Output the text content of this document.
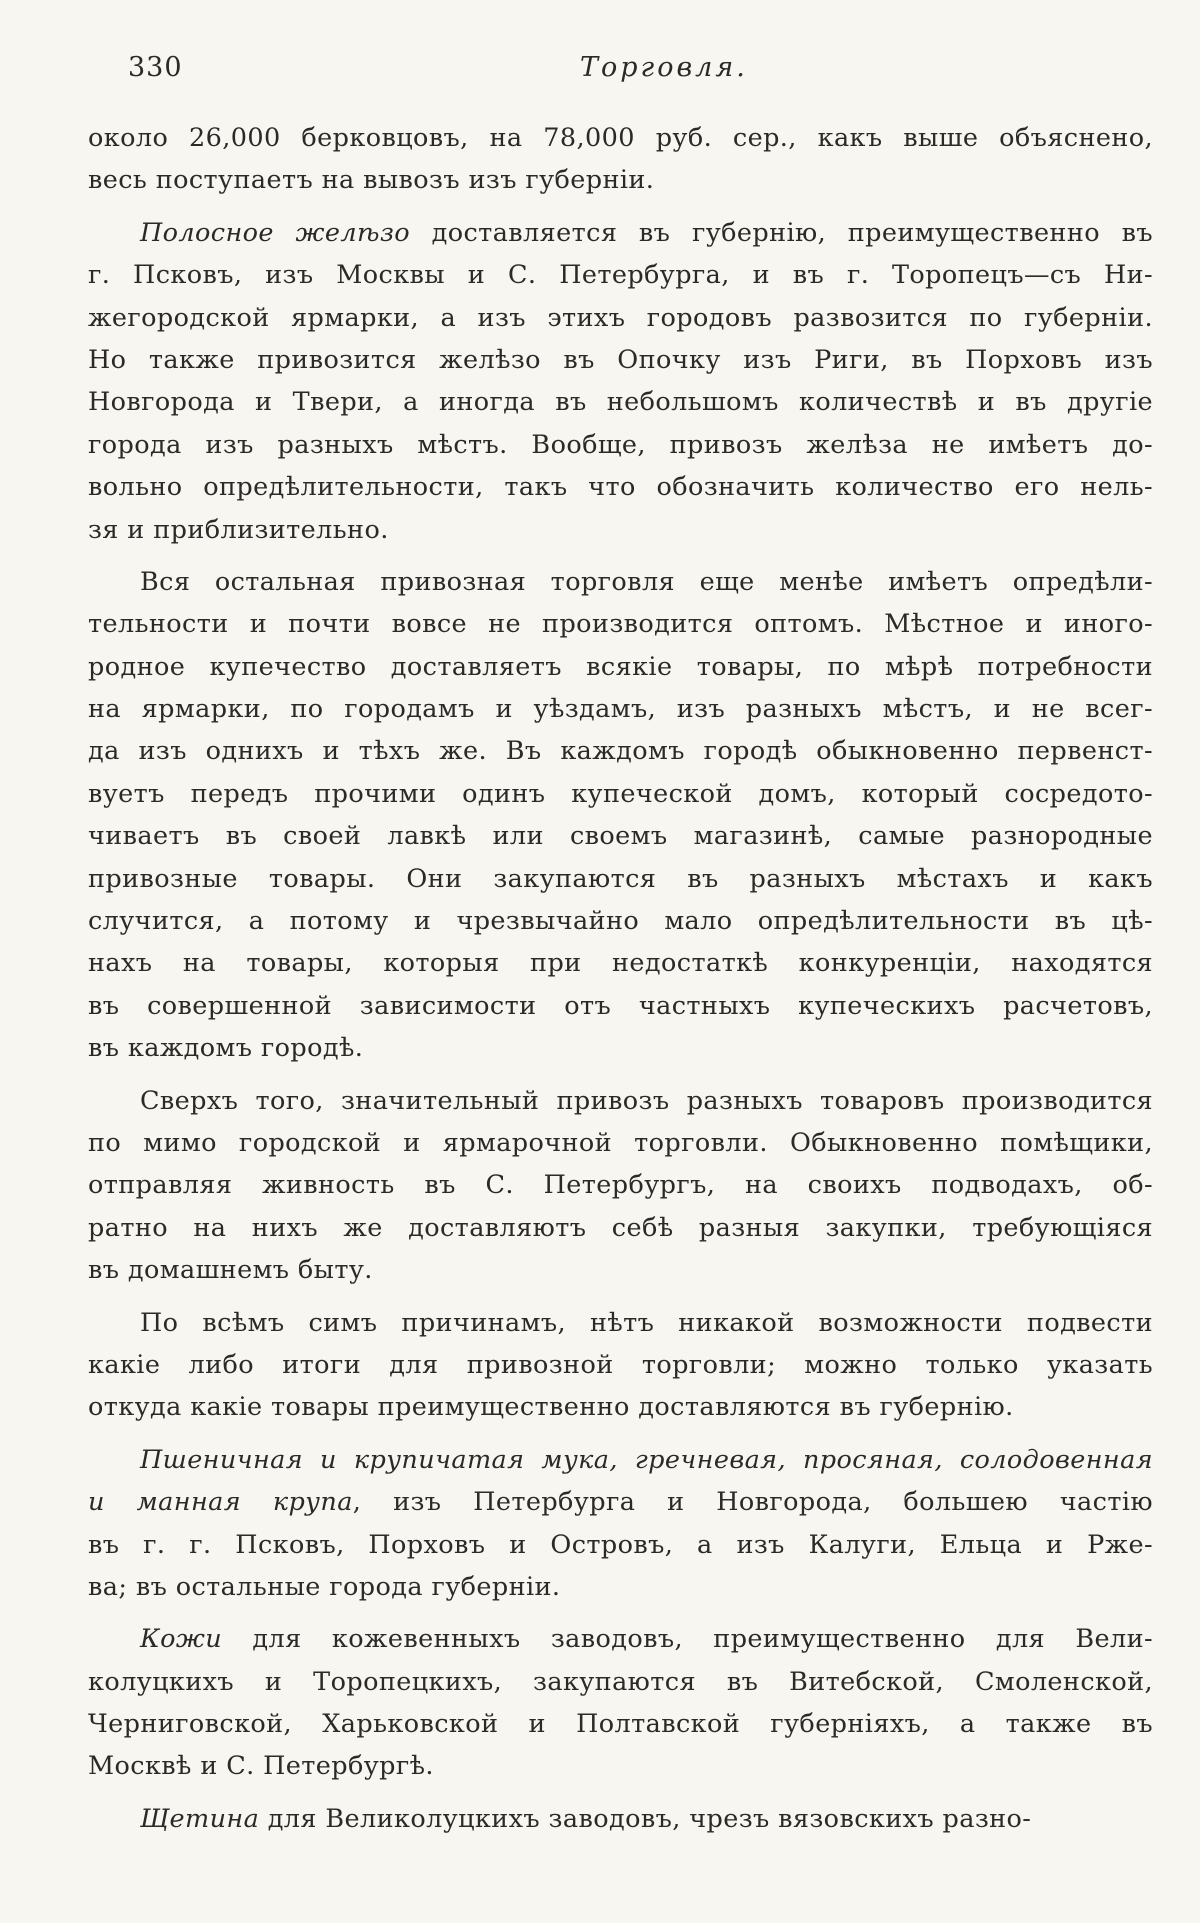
330	Торговля.
около 26,000 берковцовъ, на 78,000 руб. сер., какъ выше объяснено,
весь поступаетъ на вывозъ изъ губерніи.
Полосное желѣзо доставляется въ губернію, преимущественно въ
г. Псковъ, изъ Москвы и С. Петербурга, и въ г. Торопецъ—съ Ни-
жегородской ярмарки, а изъ этихъ городовъ развозится по губерніи.
Но также привозится желѣзо въ Опочку изъ Риги, въ Порховъ изъ
Новгорода и Твери, а иногда въ небольшомъ количествѣ и въ другіе
города изъ разныхъ мѣстъ. Вообще, привозъ желѣза не имѣетъ до-
вольно опредѣлительности, такъ что обозначить количество его нель-
зя и приблизительно.
Вся остальная привозная торговля еще менѣе имѣетъ опредѣли-
тельности и почти вовсе не производится оптомъ. Мѣстное и иного-
родное купечество доставляетъ всякіе товары, по мѣрѣ потребности
на ярмарки, по городамъ и уѣздамъ, изъ разныхъ мѣстъ, и не всег-
да изъ однихъ и тѣхъ же. Въ каждомъ городѣ обыкновенно первенст-
вуетъ передъ прочими одинъ купеческой домъ, который сосредото-
чиваетъ въ своей лавкѣ или своемъ магазинѣ, самые разнородные
привозные товары. Они закупаются въ разныхъ мѣстахъ и какъ
случится, а потому и чрезвычайно мало опредѣлительности въ цѣ-
нахъ на товары, которыя при недостаткѣ конкуренціи, находятся
въ совершенной зависимости отъ частныхъ купеческихъ расчетовъ,
въ каждомъ городѣ.
Сверхъ того, значительный привозъ разныхъ товаровъ производится
по мимо городской и ярмарочной торговли. Обыкновенно помѣщики,
отправляя живность въ С. Петербургъ, на своихъ подводахъ, об-
ратно на нихъ же доставляютъ себѣ разныя закупки, требующіяся
въ домашнемъ быту.
По всѣмъ симъ причинамъ, нѣтъ никакой возможности подвести
какіе либо итоги для привозной торговли; можно только указать
откуда какіе товары преимущественно доставляются въ губернію.
Пшеничная и крупичатая мука, гречневая, просяная, солодовенная
и манная крупа, изъ Петербурга и Новгорода, большею частію
въ г. г. Псковъ, Порховъ и Островъ, а изъ Калуги, Ельца и Ржe-
ва; въ остальные города губерніи.
Кожи для кожевенныхъ заводовъ, преимущественно для Вели-
колуцкихъ и Торопецкихъ, закупаются въ Витебской, Смоленской,
Черниговской, Харьковской и Полтавской губерніяхъ, а также въ
Москвѣ и С. Петербургѣ.
Щетина для Великолуцкихъ заводовъ, чрезъ вязовскихъ разно-
